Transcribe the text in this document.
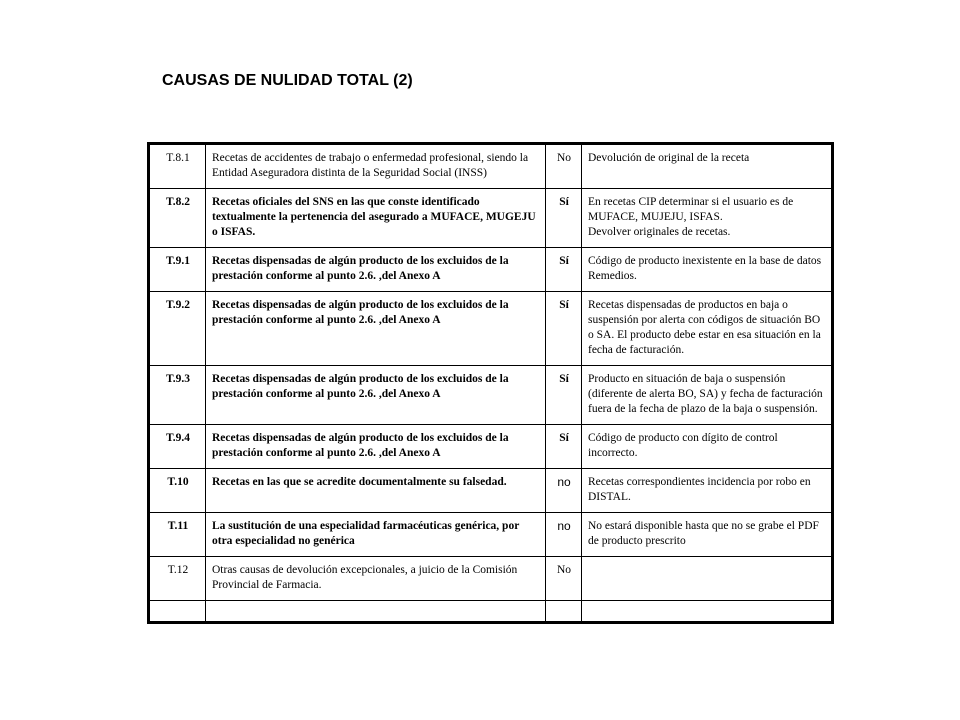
CAUSAS DE NULIDAD TOTAL (2)
T.8.1	Recetas de accidentes de trabajo o enfermedad profesional, siendo la Entidad Aseguradora distinta de la Seguridad Social (INSS)	No	Devolución de original de la receta
T.8.2	Recetas oficiales del SNS en las que conste identificado textualmente la pertenencia del asegurado a MUFACE, MUGEJU o ISFAS.	Sí	En recetas CIP determinar si el usuario es de MUFACE, MUJEJU, ISFAS.
Devolver originales de recetas.
T.9.1	Recetas dispensadas de algún producto de los excluidos de la prestación conforme al punto 2.6. ,del Anexo A	Sí	Código de producto inexistente en la base de datos Remedios.
T.9.2	Recetas dispensadas de algún producto de los excluidos de la prestación conforme al punto 2.6. ,del Anexo A	Sí	Recetas dispensadas de productos en baja o suspensión por alerta con códigos de situación BO o SA. El producto debe estar en esa situación en la fecha de facturación.
T.9.3	Recetas dispensadas de algún producto de los excluidos de la prestación conforme al punto 2.6. ,del Anexo A	Sí	Producto en situación de baja o suspensión (diferente de alerta BO, SA) y fecha de facturación fuera de la fecha de plazo de la baja o suspensión.
T.9.4	Recetas dispensadas de algún producto de los excluidos de la prestación conforme al punto 2.6. ,del Anexo A	Sí	Código de producto con dígito de control incorrecto.
T.10	Recetas en las que se acredite documentalmente su falsedad.	no	Recetas correspondientes incidencia por robo en DISTAL.
T.11	La sustitución de una especialidad farmacéuticas genérica, por otra especialidad no genérica	no	No estará disponible hasta que no se grabe el PDF de producto prescrito
T.12	Otras causas de devolución excepcionales, a juicio de la Comisión Provincial de Farmacia.	No	
